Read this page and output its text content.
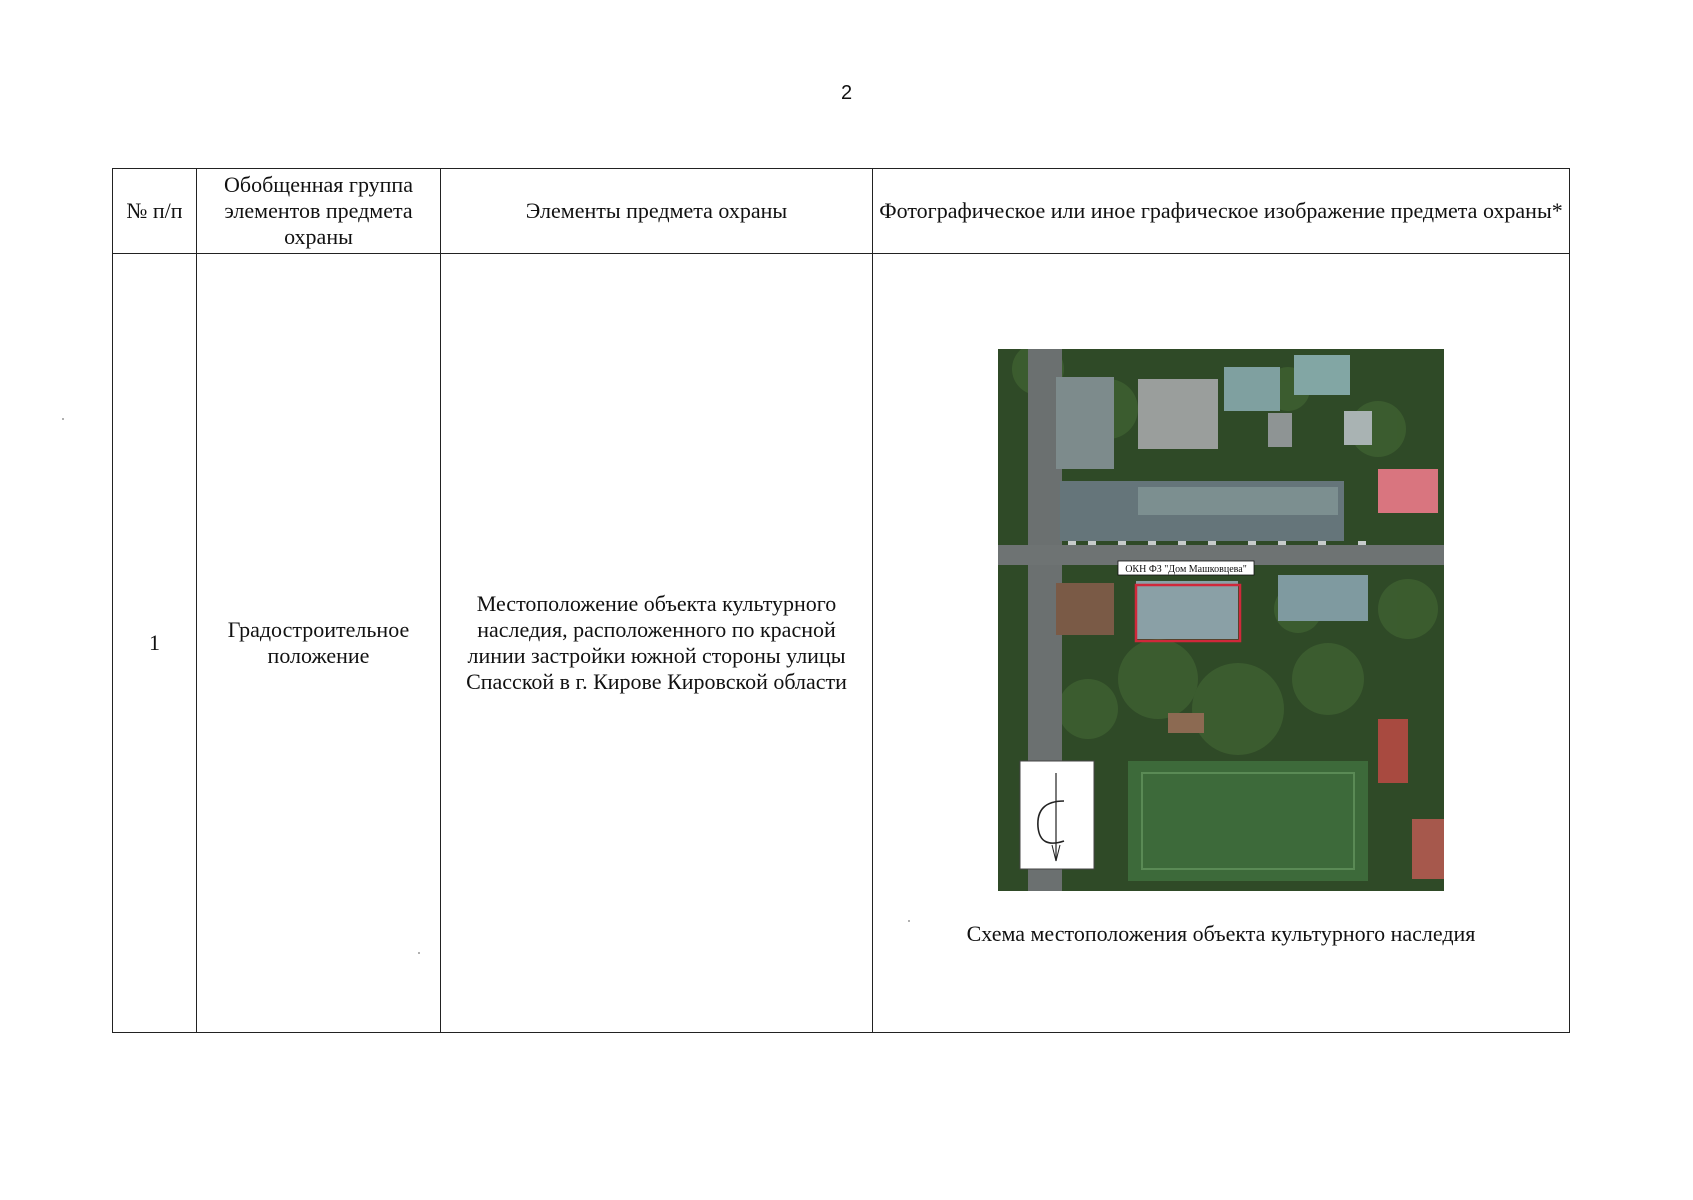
2
№ п/п	Обобщенная группа элементов предмета охраны	Элементы предмета охраны	Фотографическое или иное графическое изображение предмета охраны*
1	Градостроительное положение	Местоположение объекта культурного наследия, расположенного по красной линии застройки южной стороны улицы Спасской в г. Кирове Кировской области	ОКН ФЗ "Дом Машковцева"
Схема местоположения объекта культурного наследия
